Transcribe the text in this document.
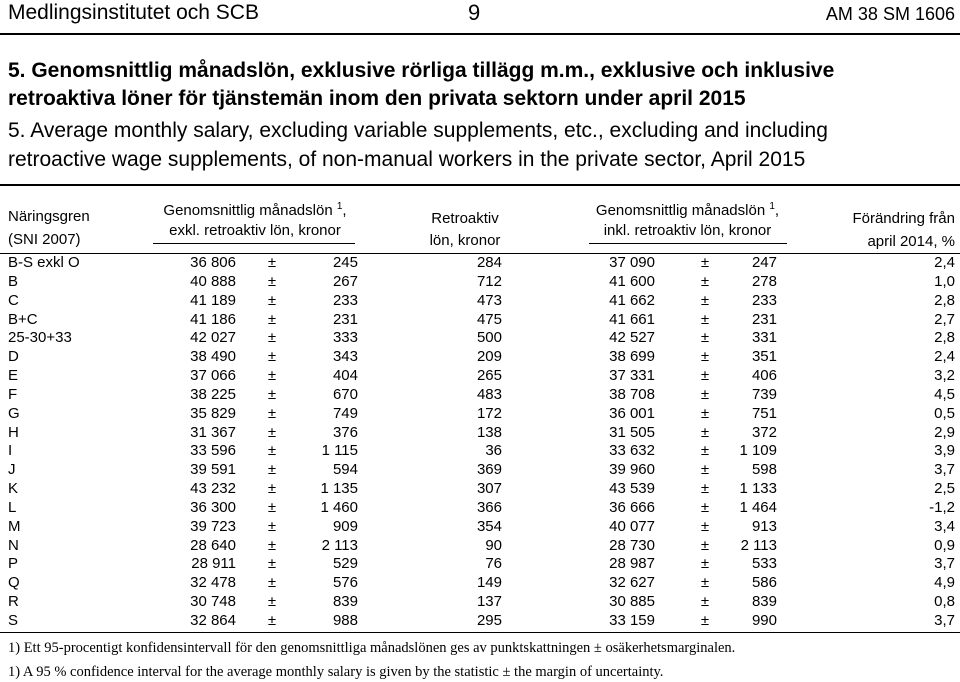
Medlingsinstitutet och SCB	9	AM 38 SM 1606
5. Genomsnittlig månadslön, exklusive rörliga tillägg m.m., exklusive och inklusive
retroaktiva löner för tjänstemän inom den privata sektorn under april 2015
5. Average monthly salary, excluding variable supplements, etc., excluding and including
retroactive wage supplements, of non-manual workers in the private sector, April 2015
Näringsgren
(SNI 2007)
Genomsnittlig månadslön $^1$,
exkl. retroaktiv lön, kronor
Retroaktiv
lön, kronor
Genomsnittlig månadslön $^1$,
inkl. retroaktiv lön, kronor
Förändring från
april 2014, %
B-S exkl O	36 806	±	245	284	37 090	±	247	2,4
B	40 888	±	267	712	41 600	±	278	1,0
C	41 189	±	233	473	41 662	±	233	2,8
B+C	41 186	±	231	475	41 661	±	231	2,7
25-30+33	42 027	±	333	500	42 527	±	331	2,8
D	38 490	±	343	209	38 699	±	351	2,4
E	37 066	±	404	265	37 331	±	406	3,2
F	38 225	±	670	483	38 708	±	739	4,5
G	35 829	±	749	172	36 001	±	751	0,5
H	31 367	±	376	138	31 505	±	372	2,9
I	33 596	±	1 115	36	33 632	±	1 109	3,9
J	39 591	±	594	369	39 960	±	598	3,7
K	43 232	±	1 135	307	43 539	±	1 133	2,5
L	36 300	±	1 460	366	36 666	±	1 464	-1,2
M	39 723	±	909	354	40 077	±	913	3,4
N	28 640	±	2 113	90	28 730	±	2 113	0,9
P	28 911	±	529	76	28 987	±	533	3,7
Q	32 478	±	576	149	32 627	±	586	4,9
R	30 748	±	839	137	30 885	±	839	0,8
S	32 864	±	988	295	33 159	±	990	3,7
1) Ett 95-procentigt konfidensintervall för den genomsnittliga månadslönen ges av punktskattningen ± osäkerhetsmarginalen.
1) A 95 % confidence interval for the average monthly salary is given by the statistic ± the margin of uncertainty.
